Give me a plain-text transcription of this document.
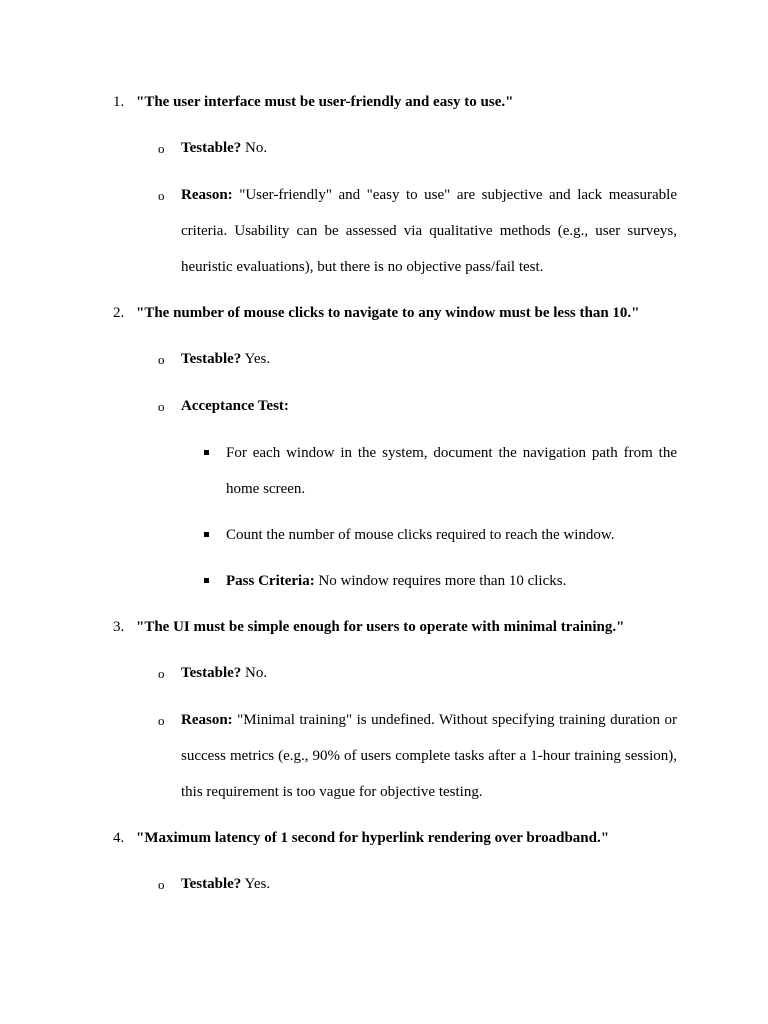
1. "The user interface must be user-friendly and easy to use."
o Testable? No.
o Reason: "User-friendly" and "easy to use" are subjective and lack measurable
criteria. Usability can be assessed via qualitative methods (e.g., user surveys,
heuristic evaluations), but there is no objective pass/fail test.
2. "The number of mouse clicks to navigate to any window must be less than 10."
o Testable? Yes.
o Acceptance Test:
For each window in the system, document the navigation path from the
home screen.
Count the number of mouse clicks required to reach the window.
Pass Criteria: No window requires more than 10 clicks.
3. "The UI must be simple enough for users to operate with minimal training."
o Testable? No.
o Reason: "Minimal training" is undefined. Without specifying training duration or
success metrics (e.g., 90% of users complete tasks after a 1-hour training session),
this requirement is too vague for objective testing.
4. "Maximum latency of 1 second for hyperlink rendering over broadband."
o Testable? Yes.
